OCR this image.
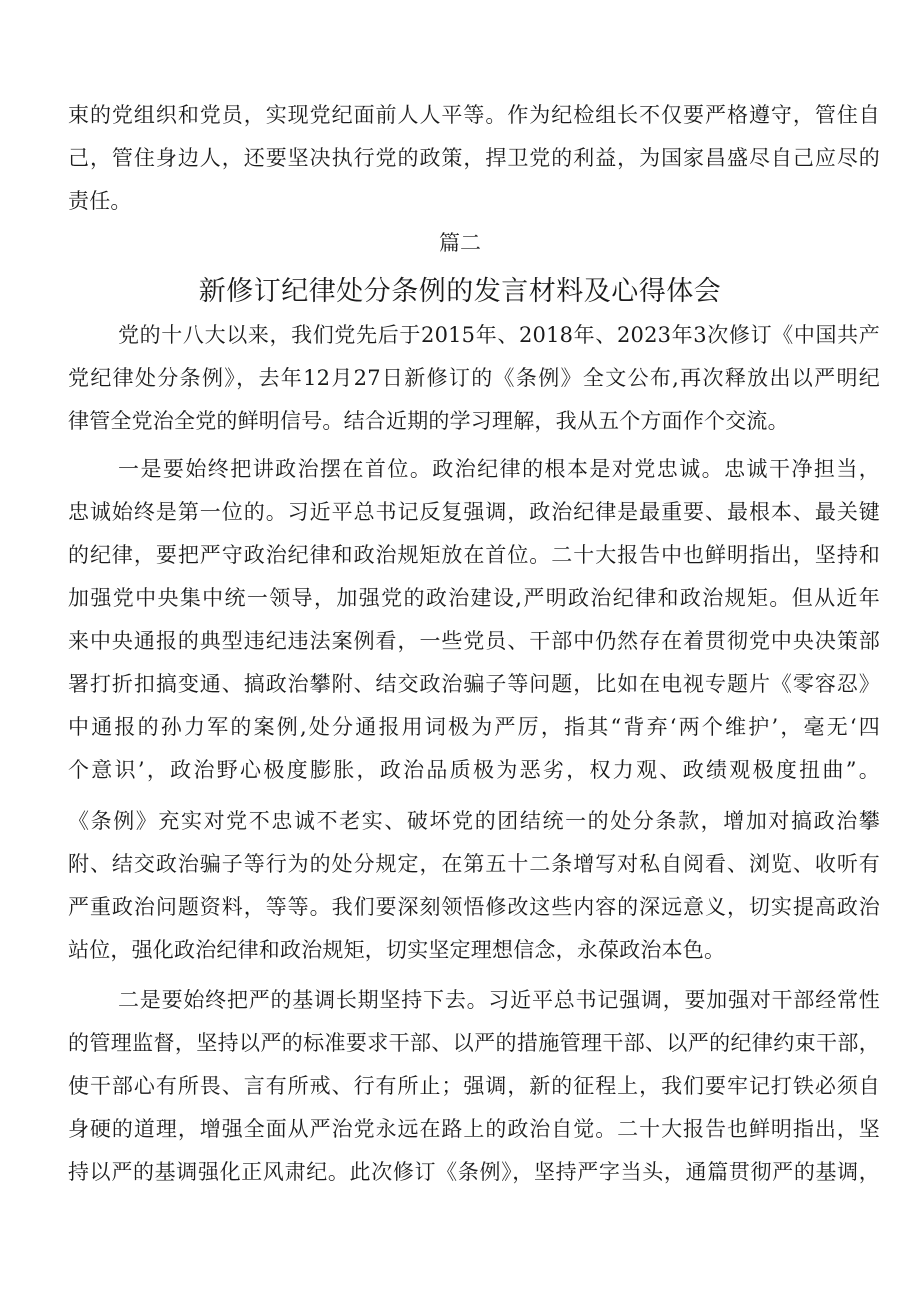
束的党组织和党员，实现党纪面前人人平等。作为纪检组长不仅要严格遵守，管住自
己，管住身边人，还要坚决执行党的政策，捍卫党的利益，为国家昌盛尽自己应尽的
责任。
篇二
新修订纪律处分条例的发言材料及心得体会
党的十八大以来，我们党先后于2015年、2018年、2023年3次修订《中国共产
党纪律处分条例》，去年12月27日新修订的《条例》全文公布,再次释放出以严明纪
律管全党治全党的鲜明信号。结合近期的学习理解，我从五个方面作个交流。
一是要始终把讲政治摆在首位。政治纪律的根本是对党忠诚。忠诚干净担当，
忠诚始终是第一位的。习近平总书记反复强调，政治纪律是最重要、最根本、最关键
的纪律，要把严守政治纪律和政治规矩放在首位。二十大报告中也鲜明指出，坚持和
加强党中央集中统一领导，加强党的政治建设,严明政治纪律和政治规矩。但从近年
来中央通报的典型违纪违法案例看，一些党员、干部中仍然存在着贯彻党中央决策部
署打折扣搞变通、搞政治攀附、结交政治骗子等问题，比如在电视专题片《零容忍》
中通报的孙力军的案例,处分通报用词极为严厉，指其“背弃‘两个维护’，毫无‘四
个意识’，政治野心极度膨胀，政治品质极为恶劣，权力观、政绩观极度扭曲”。
《条例》充实对党不忠诚不老实、破坏党的团结统一的处分条款，增加对搞政治攀
附、结交政治骗子等行为的处分规定，在第五十二条增写对私自阅看、浏览、收听有
严重政治问题资料，等等。我们要深刻领悟修改这些内容的深远意义，切实提高政治
站位，强化政治纪律和政治规矩，切实坚定理想信念，永葆政治本色。
二是要始终把严的基调长期坚持下去。习近平总书记强调，要加强对干部经常性
的管理监督，坚持以严的标准要求干部、以严的措施管理干部、以严的纪律约束干部，
使干部心有所畏、言有所戒、行有所止；强调，新的征程上，我们要牢记打铁必须自
身硬的道理，增强全面从严治党永远在路上的政治自觉。二十大报告也鲜明指出，坚
持以严的基调强化正风肃纪。此次修订《条例》，坚持严字当头，通篇贯彻严的基调，
